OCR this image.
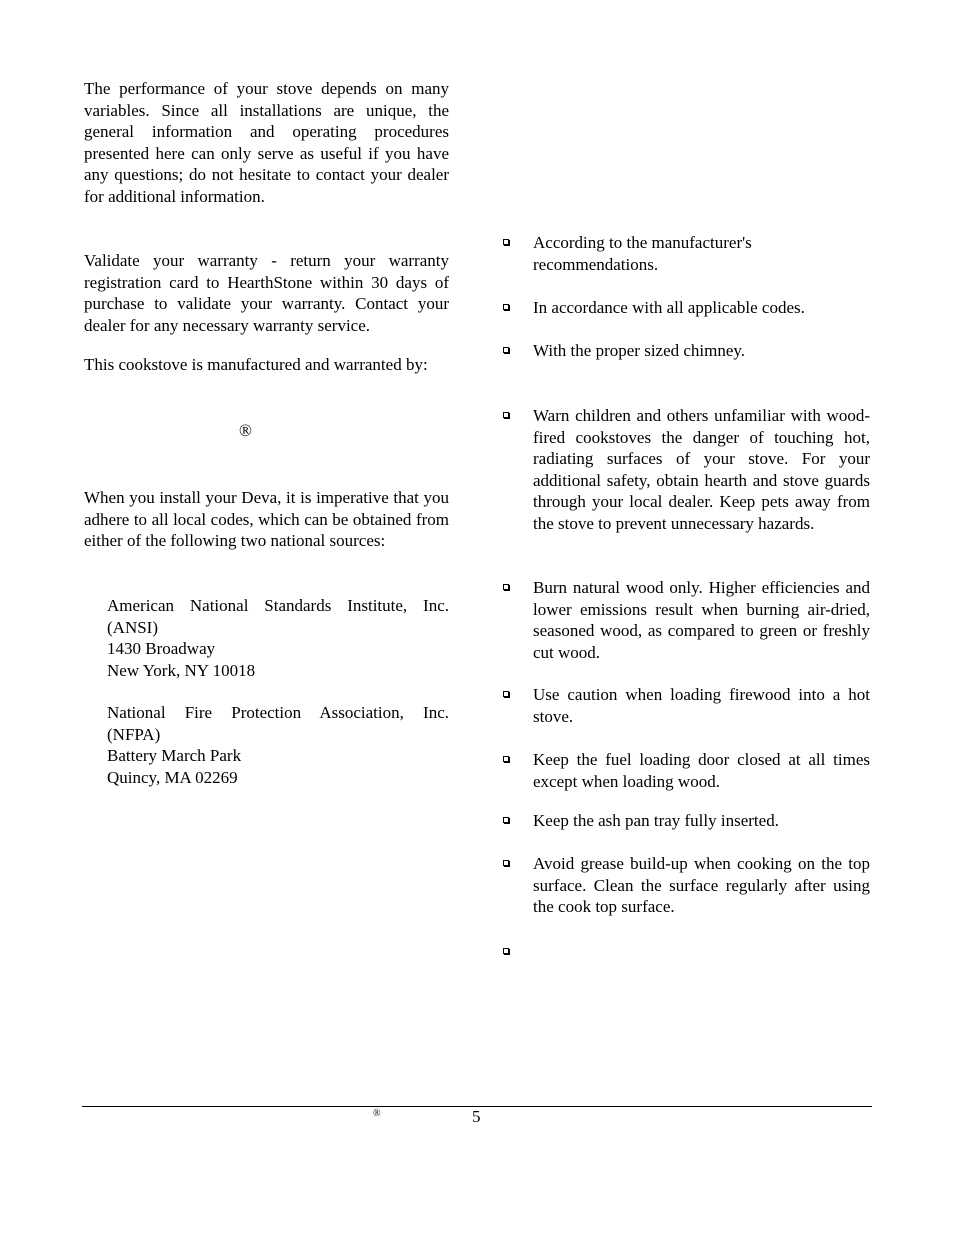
The performance of your stove depends on many variables. Since all installations are unique, the general information and operating procedures presented here can only serve as useful if you have any questions; do not hesitate to contact your dealer for additional information.

Validate your warranty - return your warranty registration card to HearthStone within 30 days of purchase to validate your warranty. Contact your dealer for any necessary warranty service.

This cookstove is manufactured and warranted by:

®

When you install your Deva, it is imperative that you adhere to all local codes, which can be obtained from either of the following two national sources:

American National Standards Institute, Inc.
(ANSI)
1430 Broadway
New York, NY 10018
National Fire Protection Association, Inc.
(NFPA)
Battery March Park
Quincy, MA 02269
According to the manufacturer's recommendations.
In accordance with all applicable codes.
With the proper sized chimney.
Warn children and others unfamiliar with wood-fired cookstoves the danger of touching hot, radiating surfaces of your stove. For your additional safety, obtain hearth and stove guards through your local dealer. Keep pets away from the stove to prevent unnecessary hazards.
Burn natural wood only. Higher efficiencies and lower emissions result when burning air-dried, seasoned wood, as compared to green or freshly cut wood.
Use caution when loading firewood into a hot stove.
Keep the fuel loading door closed at all times except when loading wood.
Keep the ash pan tray fully inserted.
Avoid grease build-up when cooking on the top surface. Clean the surface regularly after using the cook top surface.
®	5
